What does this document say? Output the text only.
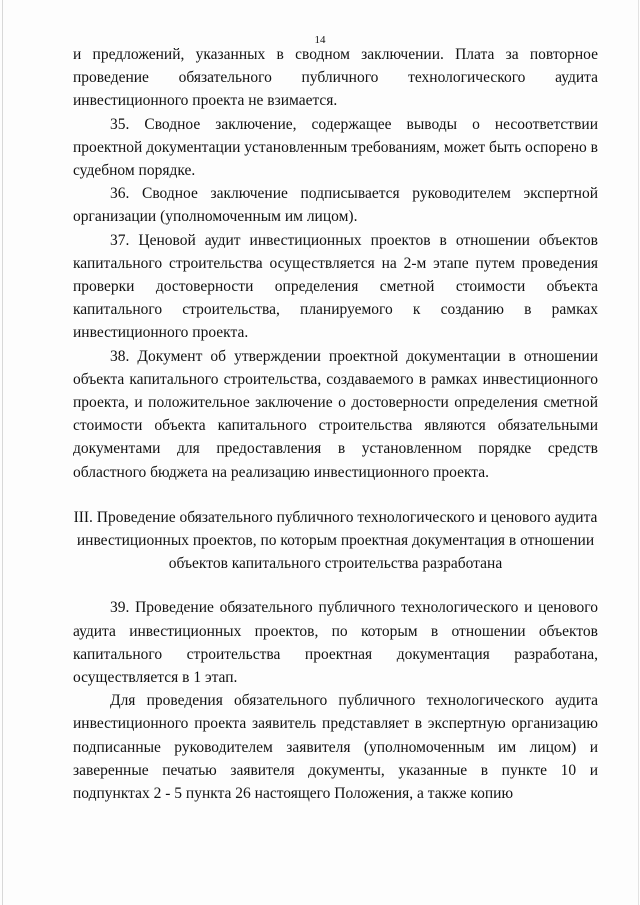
14

и предложений, указанных в сводном заключении. Плата за повторное проведение обязательного публичного технологического аудита инвестиционного проекта не взимается.

35. Сводное заключение, содержащее выводы о несоответствии проектной документации установленным требованиям, может быть оспорено в судебном порядке.

36. Сводное заключение подписывается руководителем экспертной организации (уполномоченным им лицом).

37. Ценовой аудит инвестиционных проектов в отношении объектов капитального строительства осуществляется на 2-м этапе путем проведения проверки достоверности определения сметной стоимости объекта капитального строительства, планируемого к созданию в рамках инвестиционного проекта.

38. Документ об утверждении проектной документации в отношении объекта капитального строительства, создаваемого в рамках инвестиционного проекта, и положительное заключение о достоверности определения сметной стоимости объекта капитального строительства являются обязательными документами для предоставления в установленном порядке средств областного бюджета на реализацию инвестиционного проекта.

III. Проведение обязательного публичного технологического и ценового аудита инвестиционных проектов, по которым проектная документация в отношении объектов капитального строительства разработана

39. Проведение обязательного публичного технологического и ценового аудита инвестиционных проектов, по которым в отношении объектов капитального строительства проектная документация разработана, осуществляется в 1 этап.

Для проведения обязательного публичного технологического аудита инвестиционного проекта заявитель представляет в экспертную организацию подписанные руководителем заявителя (уполномоченным им лицом) и заверенные печатью заявителя документы, указанные в пункте 10 и подпунктах 2 - 5 пункта 26 настоящего Положения, а также копию
